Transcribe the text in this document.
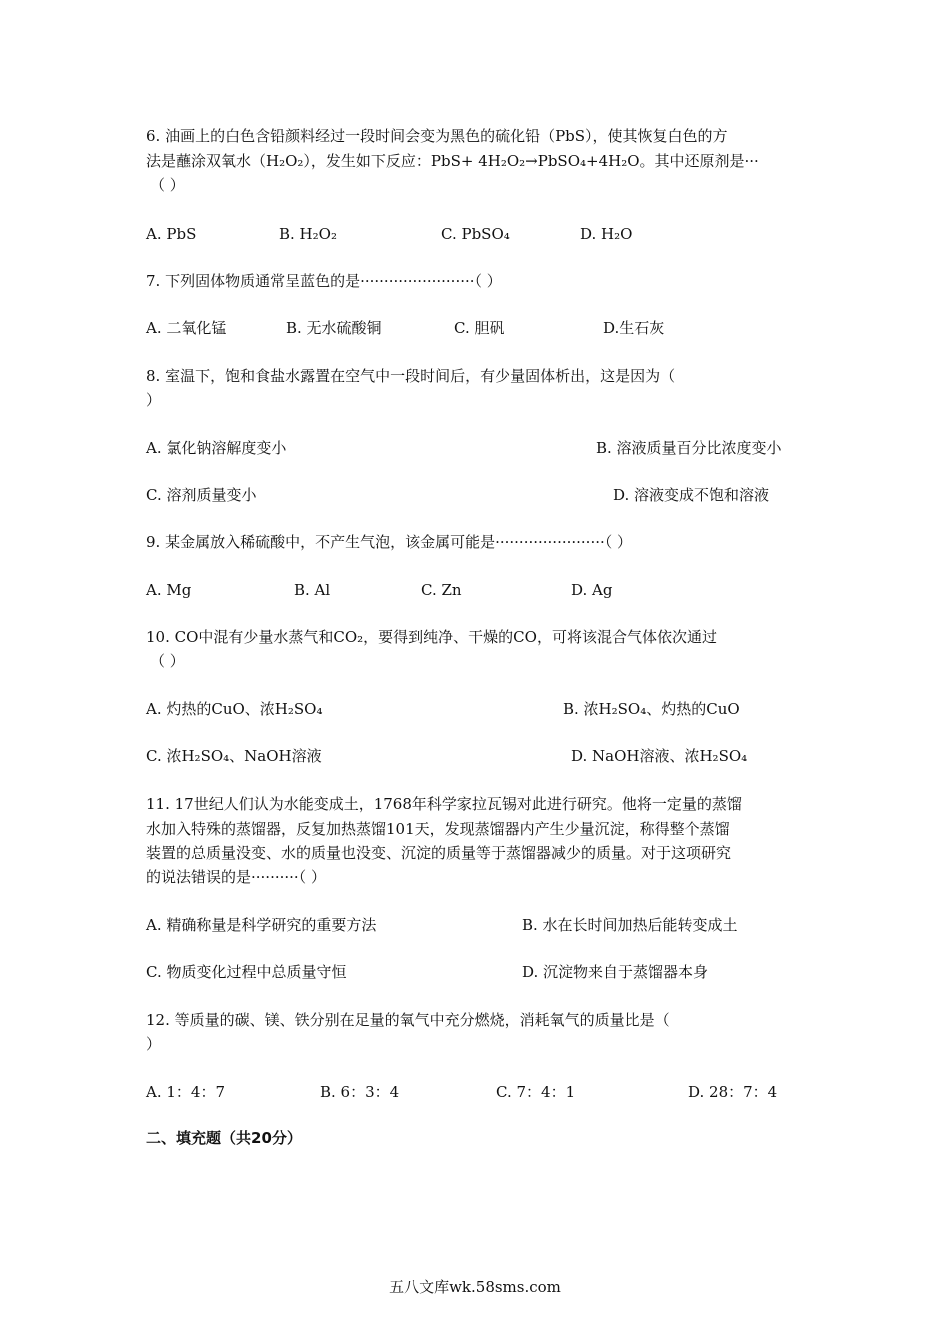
6. 油画上的白色含铅颜料经过一段时间会变为黑色的硫化铅（PbS），使其恢复白色的方
法是蘸涂双氧水（H₂O₂），发生如下反应：PbS+ 4H₂O₂→PbSO₄+4H₂O。其中还原剂是···
（ ）
A. PbS	B. H₂O₂	C. PbSO₄	D. H₂O
7. 下列固体物质通常呈蓝色的是························（ ）
A. 二氧化锰	B. 无水硫酸铜	C. 胆矾	D.生石灰
8. 室温下，饱和食盐水露置在空气中一段时间后，有少量固体析出，这是因为（
）
A. 氯化钠溶解度变小	B. 溶液质量百分比浓度变小
C. 溶剂质量变小	D. 溶液变成不饱和溶液
9. 某金属放入稀硫酸中，不产生气泡，该金属可能是·······················（ ）
A. Mg	B. Al	C. Zn	D. Ag
10. CO中混有少量水蒸气和CO₂，要得到纯净、干燥的CO，可将该混合气体依次通过
（ ）
A. 灼热的CuO、浓H₂SO₄	B. 浓H₂SO₄、灼热的CuO
C. 浓H₂SO₄、NaOH溶液	D. NaOH溶液、浓H₂SO₄
11. 17世纪人们认为水能变成土，1768年科学家拉瓦锡对此进行研究。他将一定量的蒸馏
水加入特殊的蒸馏器，反复加热蒸馏101天，发现蒸馏器内产生少量沉淀，称得整个蒸馏
装置的总质量没变、水的质量也没变、沉淀的质量等于蒸馏器减少的质量。对于这项研究
的说法错误的是··········（ ）
A. 精确称量是科学研究的重要方法	B. 水在长时间加热后能转变成土
C. 物质变化过程中总质量守恒	D. 沉淀物来自于蒸馏器本身
12. 等质量的碳、镁、铁分别在足量的氧气中充分燃烧，消耗氧气的质量比是（
）
A. 1：4：7	B. 6：3：4	C. 7：4：1	D. 28：7：4
二、填充题（共20分）
五八文库wk.58sms.com
